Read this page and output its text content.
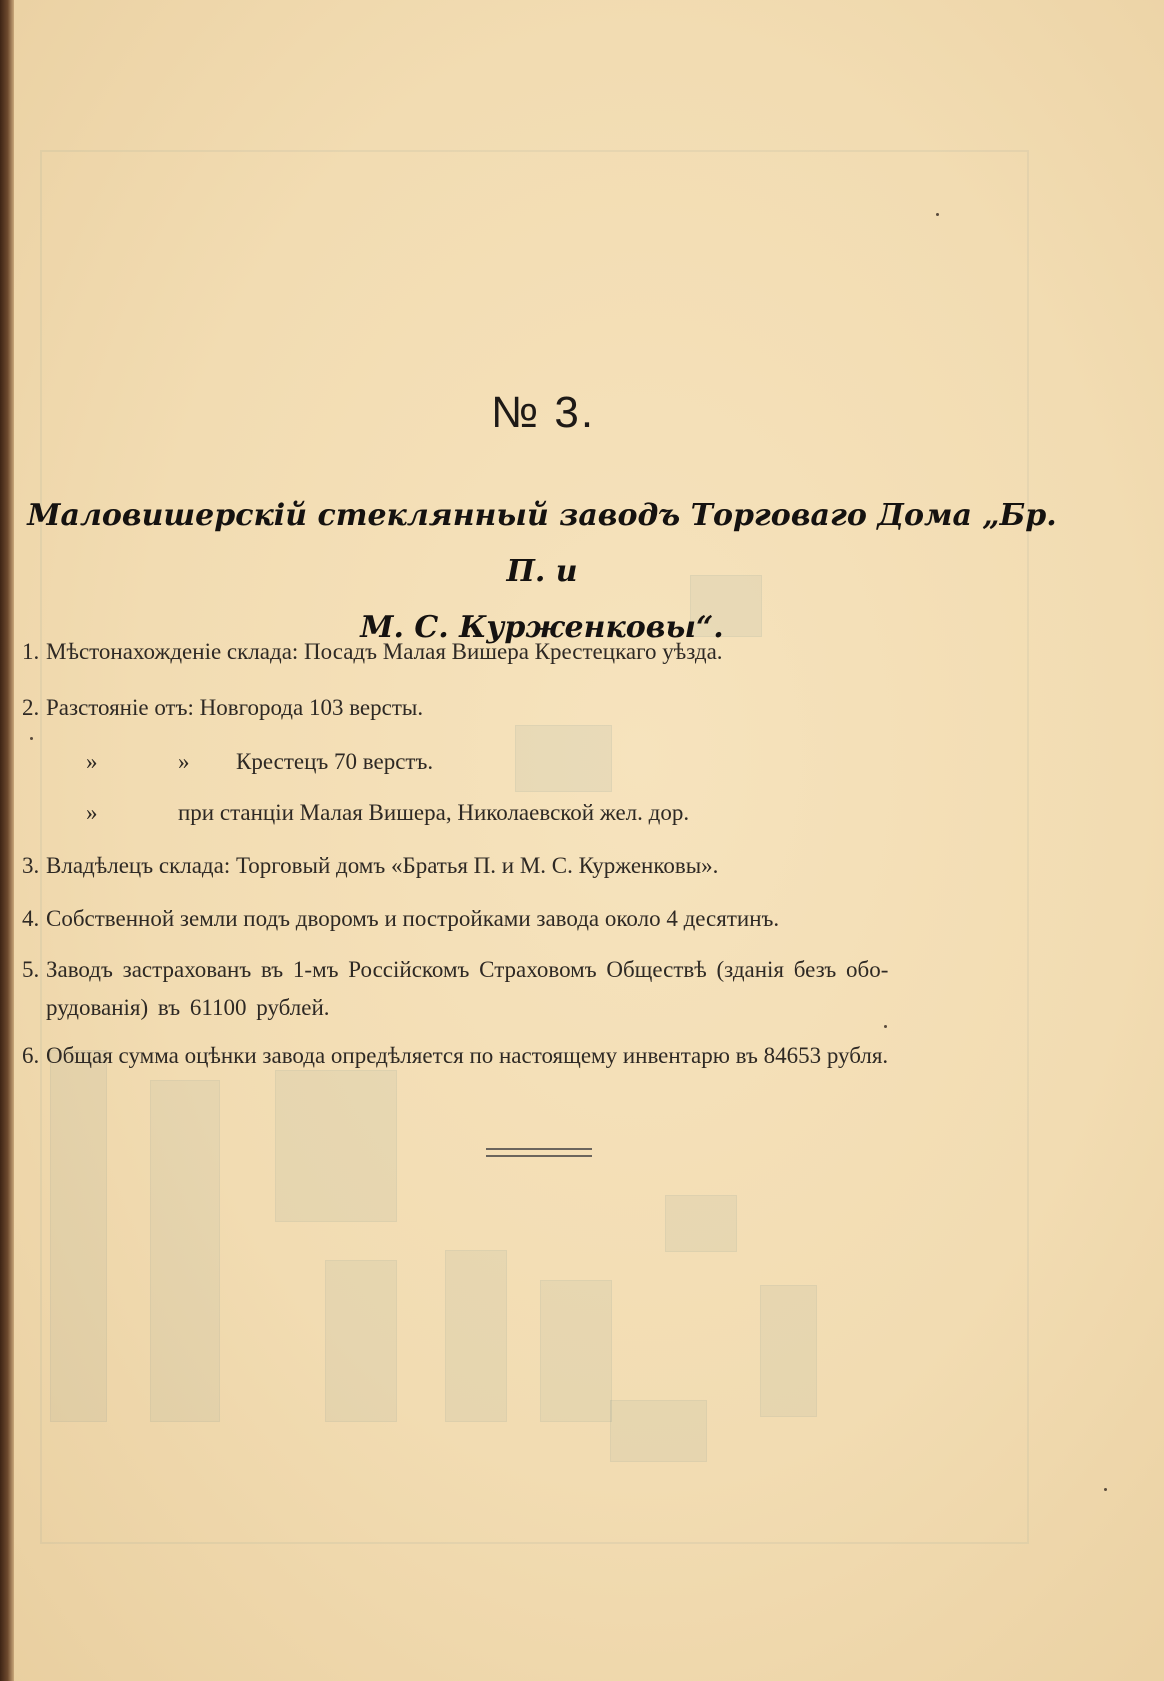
№ 3.
Маловишерскій стеклянный заводъ Торговаго Дома „Бр. П. и
М. С. Курженковы“.
1. Мѣстонахожденіе склада: Посадъ Малая Вишера Крестецкаго уѣзда.
2. Разстояніе отъ: Новгорода 103 версты.
»	»	Крестецъ 70 верстъ.
»	при станціи Малая Вишера, Николаевской жел. дор.
3. Владѣлецъ склада: Торговый домъ «Братья П. и М. С. Курженковы».
4. Собственной земли подъ дворомъ и постройками завода около 4 десятинъ.
5. Заводъ застрахованъ въ 1-мъ Россійскомъ Страховомъ Обществѣ (зданія безъ обо-
рудованія) въ 61100 рублей.
6. Общая сумма оцѣнки завода опредѣляется по настоящему инвентарю въ 84653 рубля.
